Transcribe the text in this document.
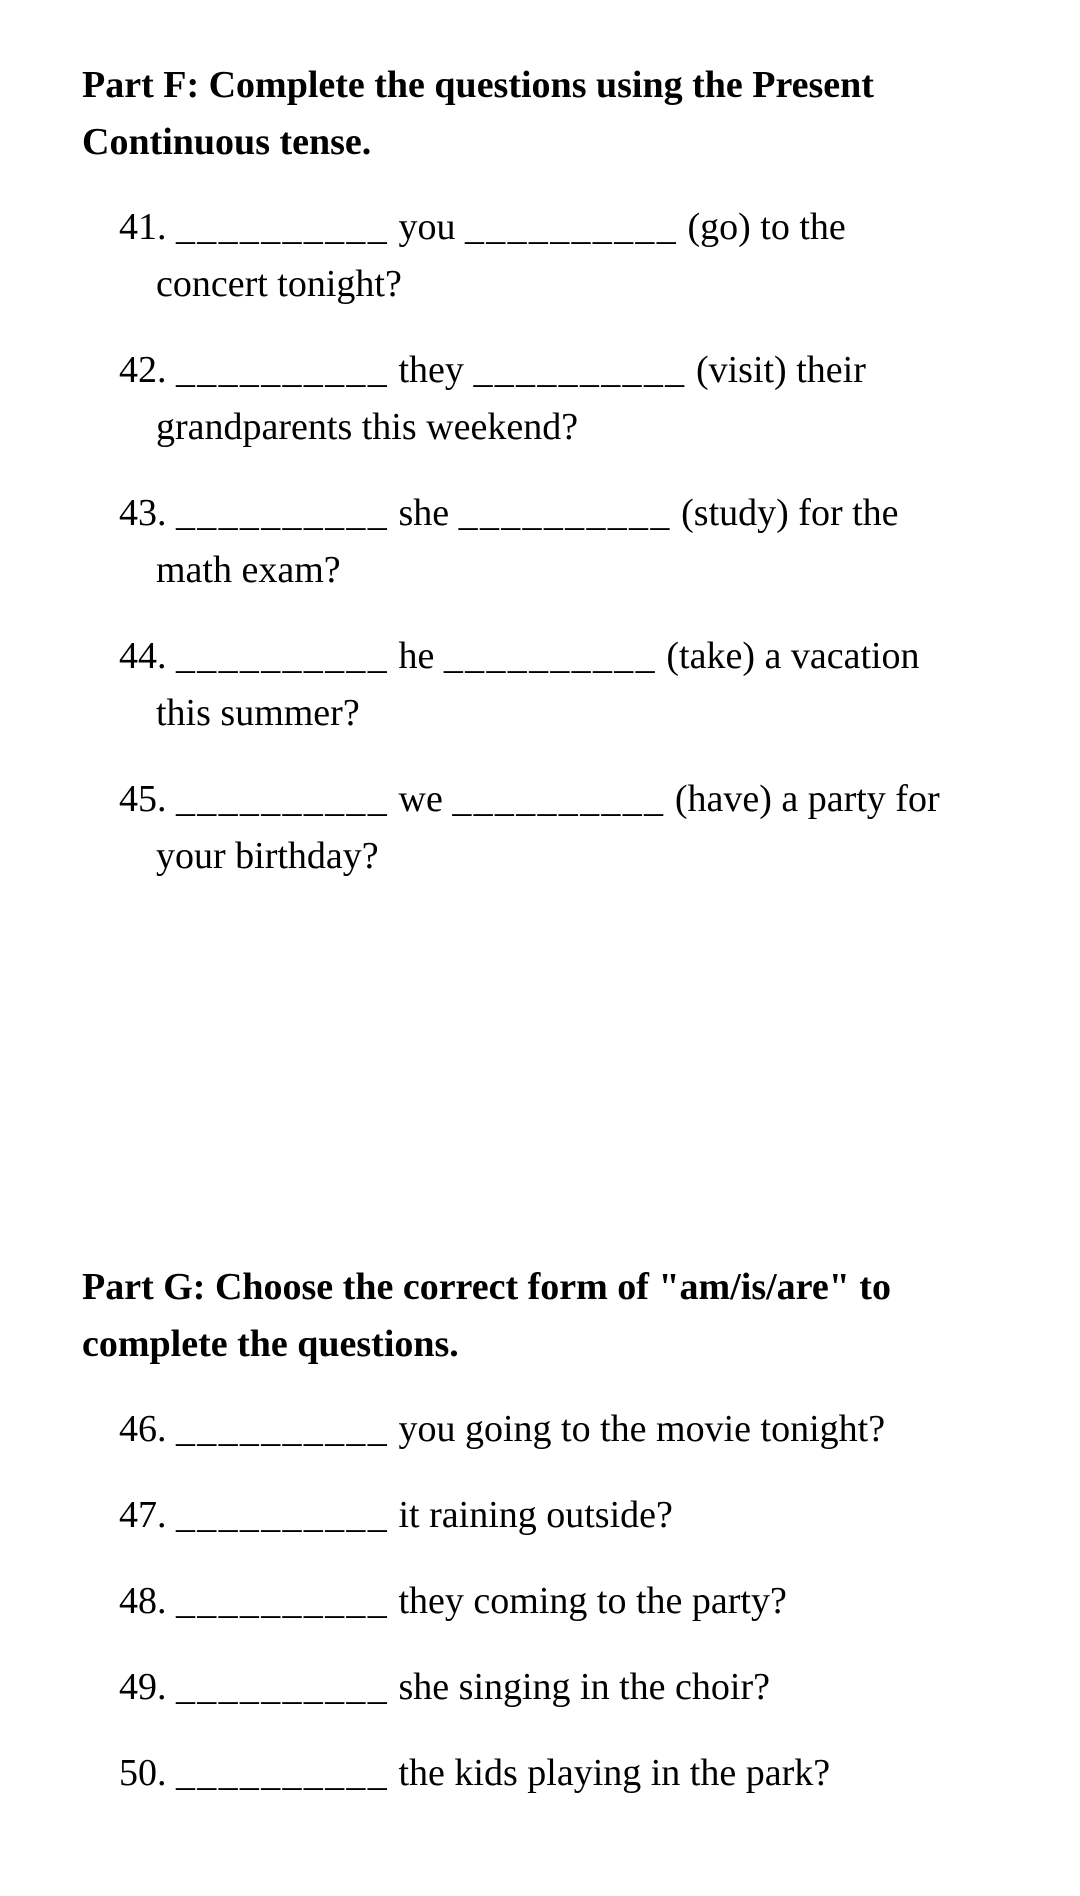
Part F: Complete the questions using the Present
Continuous tense.
41. __________ you __________ (go) to the
concert tonight?
42. __________ they __________ (visit) their
grandparents this weekend?
43. __________ she __________ (study) for the
math exam?
44. __________ he __________ (take) a vacation
this summer?
45. __________ we __________ (have) a party for
your birthday?
Part G: Choose the correct form of "am/is/are" to
complete the questions.
46. __________ you going to the movie tonight?
47. __________ it raining outside?
48. __________ they coming to the party?
49. __________ she singing in the choir?
50. __________ the kids playing in the park?
